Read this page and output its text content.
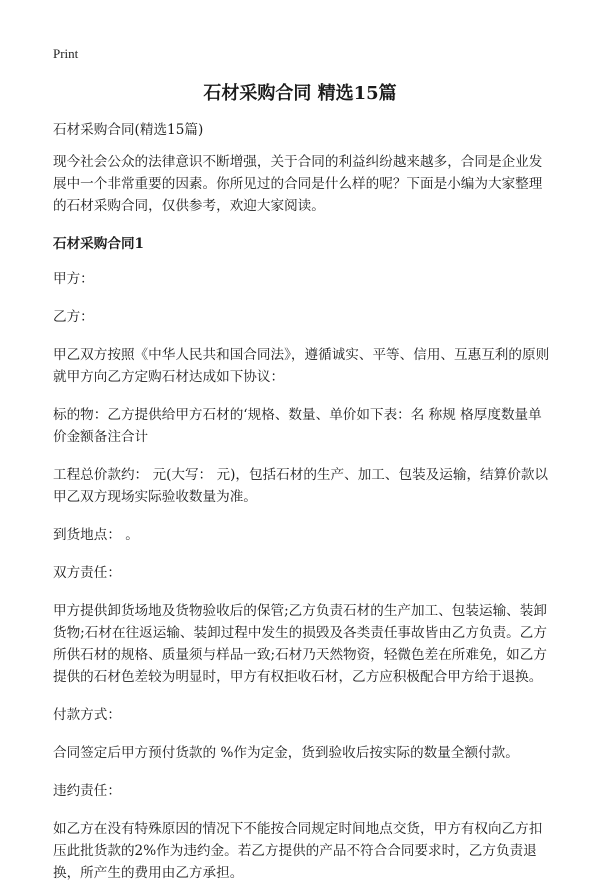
Print
石材采购合同 精选15篇

石材采购合同(精选15篇)

现今社会公众的法律意识不断增强，关于合同的利益纠纷越来越多，合同是企业发展中一个非常重要的因素。你所见过的合同是什么样的呢？下面是小编为大家整理的石材采购合同，仅供参考，欢迎大家阅读。

石材采购合同1

甲方：

乙方：

甲乙双方按照《中华人民共和国合同法》，遵循诚实、平等、信用、互惠互利的原则就甲方向乙方定购石材达成如下协议：

标的物：乙方提供给甲方石材的‘规格、数量、单价如下表：名 称规 格厚度数量单价金额备注合计

工程总价款约： 元(大写： 元)，包括石材的生产、加工、包装及运输，结算价款以甲乙双方现场实际验收数量为准。

到货地点： 。

双方责任：

甲方提供卸货场地及货物验收后的保管;乙方负责石材的生产加工、包装运输、装卸货物;石材在往返运输、装卸过程中发生的损毁及各类责任事故皆由乙方负责。乙方所供石材的规格、质量须与样品一致;石材乃天然物资，轻微色差在所难免，如乙方提供的石材色差较为明显时，甲方有权拒收石材，乙方应积极配合甲方给于退换。

付款方式：

合同签定后甲方预付货款的 %作为定金，货到验收后按实际的数量全额付款。

违约责任：

如乙方在没有特殊原因的情况下不能按合同规定时间地点交货，甲方有权向乙方扣压此批货款的2%作为违约金。若乙方提供的产品不符合合同要求时，乙方负责退换，所产生的费用由乙方承担。
